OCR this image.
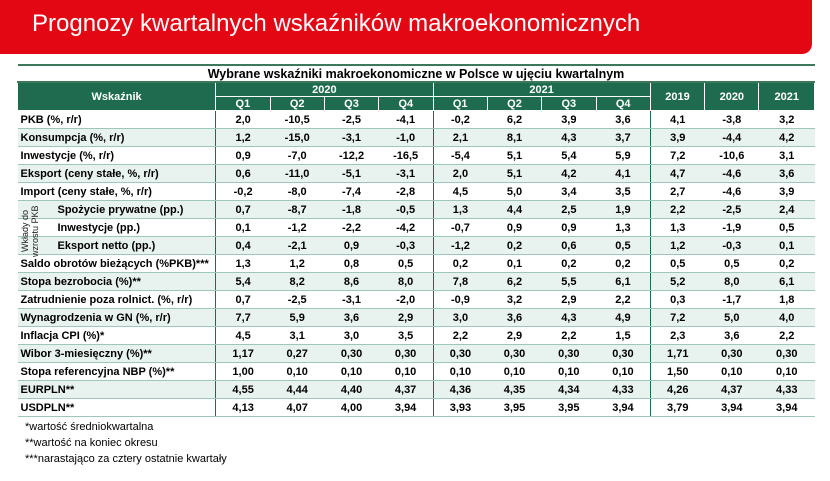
Prognozy kwartalnych wskaźników makroekonomicznych
Wybrane wskaźniki makroekonomiczne w Polsce w ujęciu kwartalnym											
Wskaźnik	2020				2021				2019	2020	2021
	Q1	Q2	Q3	Q4	Q1	Q2	Q3	Q4			
PKB (%, r/r)	2,0	-10,5	-2,5	-4,1	-0,2	6,2	3,9	3,6	4,1	-3,8	3,2
Konsumpcja (%, r/r)	1,2	-15,0	-3,1	-1,0	2,1	8,1	4,3	3,7	3,9	-4,4	4,2
Inwestycje (%, r/r)	0,9	-7,0	-12,2	-16,5	-5,4	5,1	5,4	5,9	7,2	-10,6	3,1
Eksport (ceny stałe, %, r/r)	0,6	-11,0	-5,1	-3,1	2,0	5,1	4,2	4,1	4,7	-4,6	3,6
Import (ceny stałe, %, r/r)	-0,2	-8,0	-7,4	-2,8	4,5	5,0	3,4	3,5	2,7	-4,6	3,9

Wkłady do wzrostu PKB Spożycie prywatne (pp.)	0,7	-8,7	-1,8	-0,5	1,3	4,4	2,5	1,9	2,2	-2,5	2,4
Inwestycje (pp.)	0,1	-1,2	-2,2	-4,2	-0,7	0,9	0,9	1,3	1,3	-1,9	0,5
Eksport netto (pp.)	0,4	-2,1	0,9	-0,3	-1,2	0,2	0,6	0,5	1,2	-0,3	0,1
Saldo obrotów bieżących (%PKB)***	1,3	1,2	0,8	0,5	0,2	0,1	0,2	0,2	0,5	0,5	0,2
Stopa bezrobocia (%)**	5,4	8,2	8,6	8,0	7,8	6,2	5,5	6,1	5,2	8,0	6,1
Zatrudnienie poza rolnict. (%, r/r)	0,7	-2,5	-3,1	-2,0	-0,9	3,2	2,9	2,2	0,3	-1,7	1,8
Wynagrodzenia w GN (%, r/r)	7,7	5,9	3,6	2,9	3,0	3,6	4,3	4,9	7,2	5,0	4,0
Inflacja CPI (%)*	4,5	3,1	3,0	3,5	2,2	2,9	2,2	1,5	2,3	3,6	2,2
Wibor 3-miesięczny (%)**	1,17	0,27	0,30	0,30	0,30	0,30	0,30	0,30	1,71	0,30	0,30
Stopa referencyjna NBP (%)**	1,00	0,10	0,10	0,10	0,10	0,10	0,10	0,10	1,50	0,10	0,10
EURPLN**	4,55	4,44	4,40	4,37	4,36	4,35	4,34	4,33	4,26	4,37	4,33
USDPLN**	4,13	4,07	4,00	3,94	3,93	3,95	3,95	3,94	3,79	3,94	3,94
*wartość średniokwartalna
**wartość na koniec okresu
***narastająco za cztery ostatnie kwartały
